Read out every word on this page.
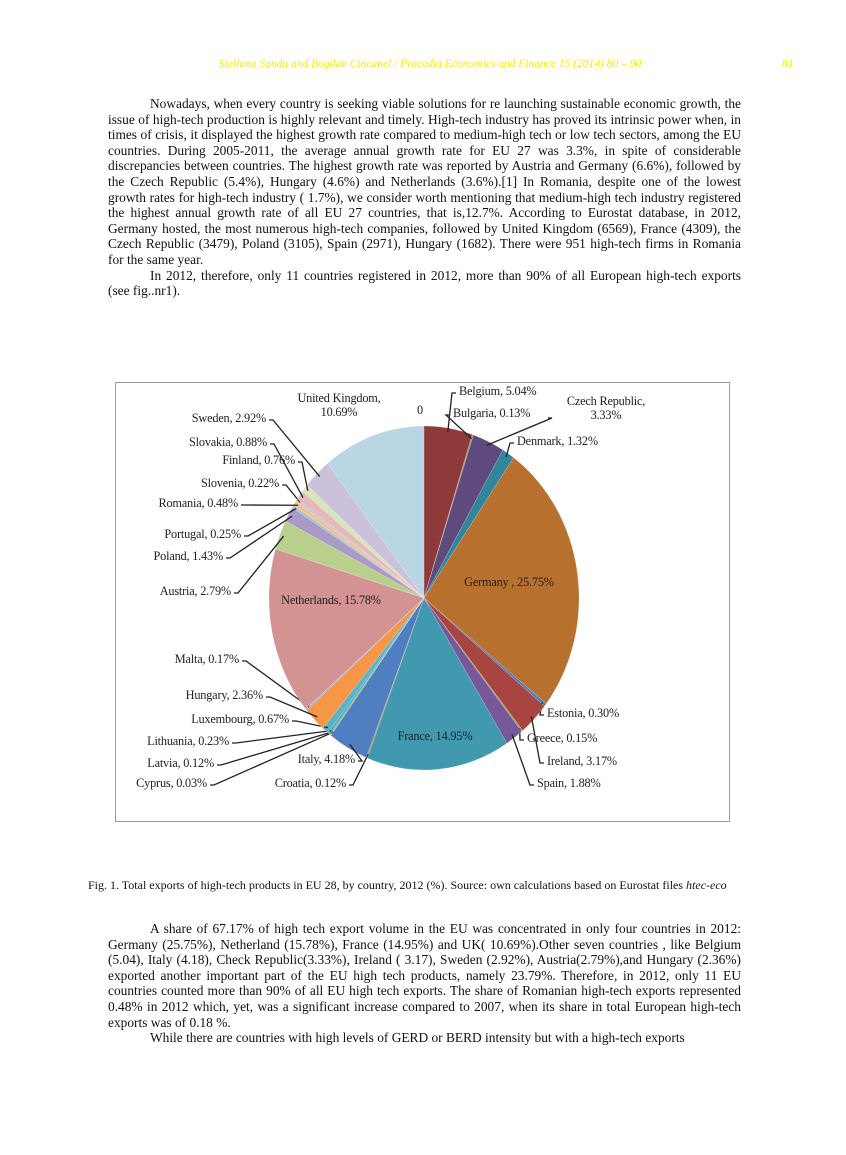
Steliana Sandu and Bogdan Ciocanel / Procedia Economics and Finance 15 (2014) 80 – 90	81

Nowadays, when every country is seeking viable solutions for re launching sustainable economic growth, the issue of high-tech production is highly relevant and timely. High-tech industry has proved its intrinsic power when, in times of crisis, it displayed the highest growth rate compared to medium-high tech or low tech sectors, among the EU countries. During 2005-2011, the average annual growth rate for EU 27 was 3.3%, in spite of considerable discrepancies between countries. The highest growth rate was reported by Austria and Germany (6.6%), followed by the Czech Republic (5.4%), Hungary (4.6%) and Netherlands (3.6%).[1] In Romania, despite one of the lowest growth rates for high-tech industry ( 1.7%), we consider worth mentioning that medium-high tech industry registered the highest annual growth rate of all EU 27 countries, that is,12.7%. According to Eurostat database, in 2012, Germany hosted, the most numerous high-tech companies, followed by United Kingdom (6569), France (4309), the Czech Republic (3479), Poland (3105), Spain (2971), Hungary (1682). There were 951 high-tech firms in Romania for the same year.

In 2012, therefore, only 11 countries registered in 2012, more than 90% of all European high-tech exports (see fig..nr1).

Belgium, 5.04%
Bulgaria, 0.13%
Czech Republic, 3.33%
Denmark, 1.32%
Germany , 25.75%
Estonia, 0.30%
Ireland, 3.17%
Greece, 0.15%
Spain, 1.88%
France, 14.95%
Croatia, 0.12%
Italy, 4.18%
Cyprus, 0.03%
Latvia, 0.12%
Lithuania, 0.23%
Luxembourg, 0.67%
Hungary, 2.36%
Malta, 0.17%
Netherlands, 15.78%
Austria, 2.79%
Poland, 1.43%
Portugal, 0.25%
Romania, 0.48%
Slovenia, 0.22%
Slovakia, 0.88%
Finland, 0.76%
Sweden, 2.92%
United Kingdom, 10.69%	0
Fig. 1. Total exports of high-tech products in EU 28, by country, 2012 (%). Source: own calculations based on Eurostat files htec-eco

A share of 67.17% of high tech export volume in the EU was concentrated in only four countries in 2012: Germany (25.75%), Netherland (15.78%), France (14.95%) and UK( 10.69%).Other seven countries , like Belgium (5.04), Italy (4.18), Check Republic(3.33%), Ireland ( 3.17), Sweden (2.92%), Austria(2.79%),and Hungary (2.36%) exported another important part of the EU high tech products, namely 23.79%. Therefore, in 2012, only 11 EU countries counted more than 90% of all EU high tech exports. The share of Romanian high-tech exports represented 0.48% in 2012 which, yet, was a significant increase compared to 2007, when its share in total European high-tech exports was of 0.18 %.

While there are countries with high levels of GERD or BERD intensity but with a high-tech exports
